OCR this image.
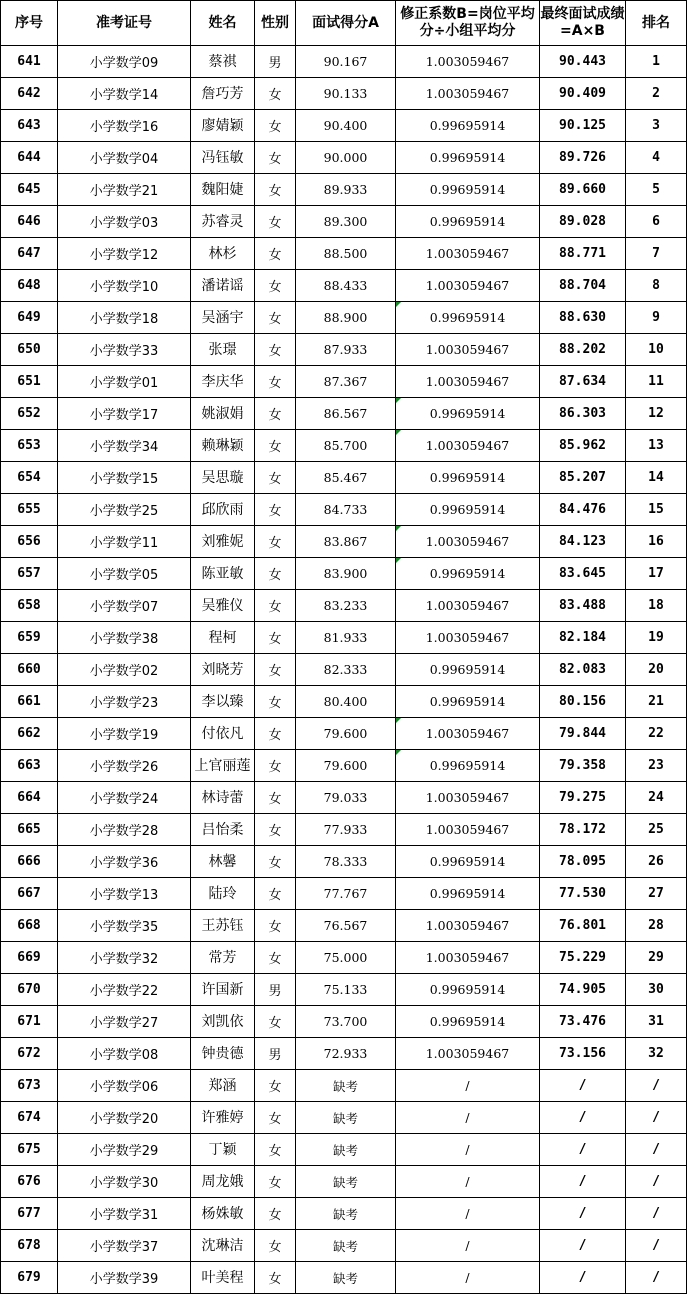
序号	准考证号	姓名	性别	面试得分A	修正系数B=岗位平均分÷小组平均分	最终面试成绩=A×B	排名
641	小学数学09	蔡祺	男	90.167	1.003059467	90.443	1
642	小学数学14	詹巧芳	女	90.133	1.003059467	90.409	2
643	小学数学16	廖婧颖	女	90.400	0.99695914	90.125	3
644	小学数学04	冯钰敏	女	90.000	0.99695914	89.726	4
645	小学数学21	魏阳婕	女	89.933	0.99695914	89.660	5
646	小学数学03	苏睿灵	女	89.300	0.99695914	89.028	6
647	小学数学12	林杉	女	88.500	1.003059467	88.771	7
648	小学数学10	潘诺谣	女	88.433	1.003059467	88.704	8
649	小学数学18	吴涵宇	女	88.900	0.99695914	88.630	9
650	小学数学33	张璟	女	87.933	1.003059467	88.202	10
651	小学数学01	李庆华	女	87.367	1.003059467	87.634	11
652	小学数学17	姚淑娟	女	86.567	0.99695914	86.303	12
653	小学数学34	赖琳颖	女	85.700	1.003059467	85.962	13
654	小学数学15	吴思璇	女	85.467	0.99695914	85.207	14
655	小学数学25	邱欣雨	女	84.733	0.99695914	84.476	15
656	小学数学11	刘雅妮	女	83.867	1.003059467	84.123	16
657	小学数学05	陈亚敏	女	83.900	0.99695914	83.645	17
658	小学数学07	吴雅仪	女	83.233	1.003059467	83.488	18
659	小学数学38	程柯	女	81.933	1.003059467	82.184	19
660	小学数学02	刘晓芳	女	82.333	0.99695914	82.083	20
661	小学数学23	李以臻	女	80.400	0.99695914	80.156	21
662	小学数学19	付依凡	女	79.600	1.003059467	79.844	22
663	小学数学26	上官丽莲	女	79.600	0.99695914	79.358	23
664	小学数学24	林诗蕾	女	79.033	1.003059467	79.275	24
665	小学数学28	吕怡柔	女	77.933	1.003059467	78.172	25
666	小学数学36	林馨	女	78.333	0.99695914	78.095	26
667	小学数学13	陆玲	女	77.767	0.99695914	77.530	27
668	小学数学35	王苏钰	女	76.567	1.003059467	76.801	28
669	小学数学32	常芳	女	75.000	1.003059467	75.229	29
670	小学数学22	许国新	男	75.133	0.99695914	74.905	30
671	小学数学27	刘凯依	女	73.700	0.99695914	73.476	31
672	小学数学08	钟贵德	男	72.933	1.003059467	73.156	32
673	小学数学06	郑涵	女	缺考	/	/	/
674	小学数学20	许雅婷	女	缺考	/	/	/
675	小学数学29	丁颖	女	缺考	/	/	/
676	小学数学30	周龙娥	女	缺考	/	/	/
677	小学数学31	杨姝敏	女	缺考	/	/	/
678	小学数学37	沈琳洁	女	缺考	/	/	/
679	小学数学39	叶美程	女	缺考	/	/	/
